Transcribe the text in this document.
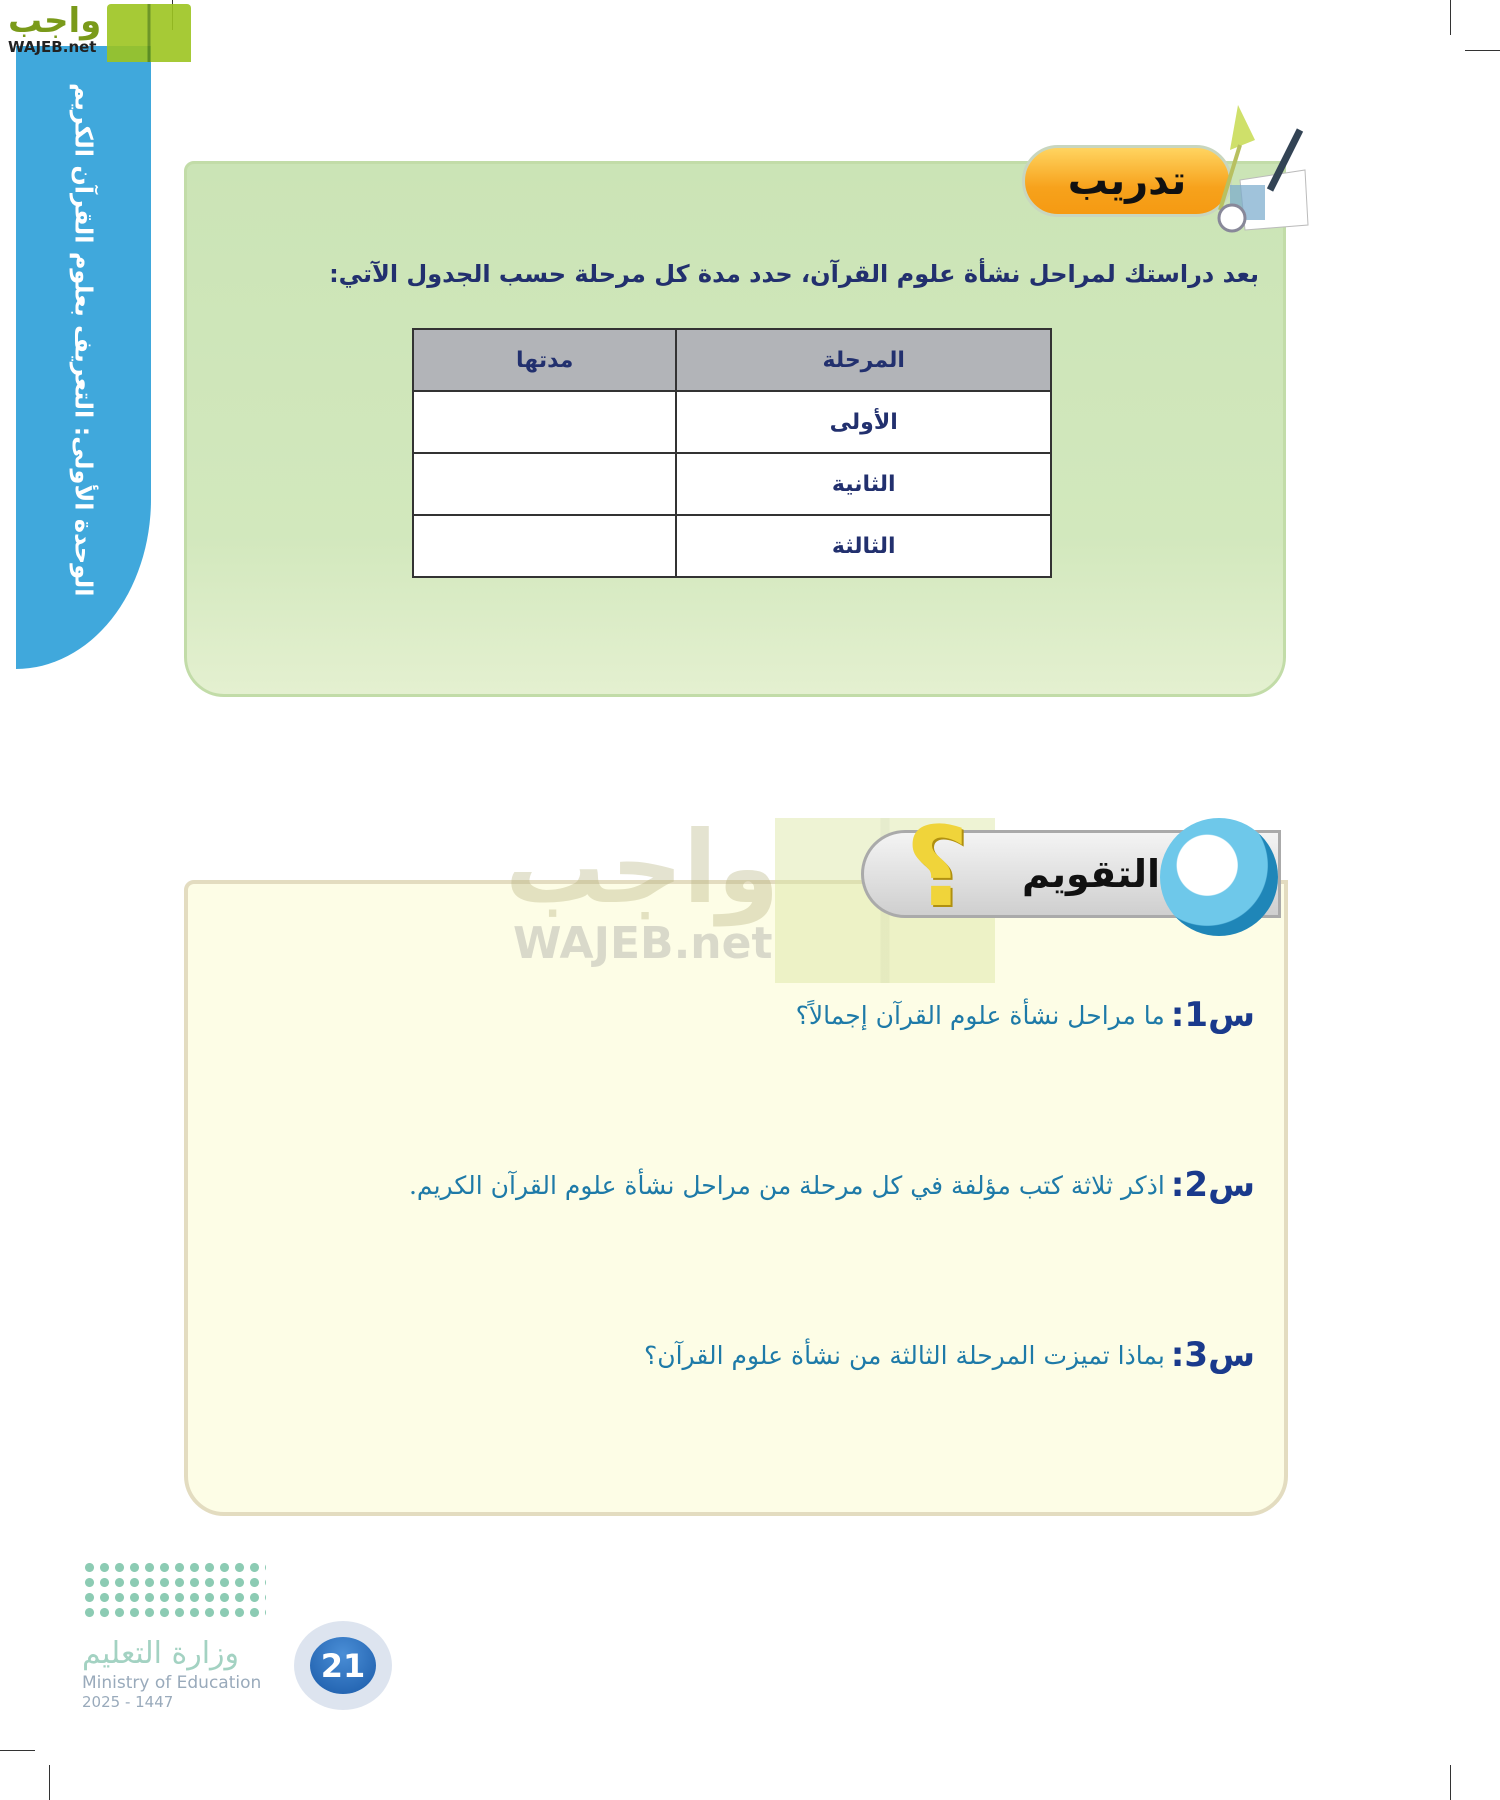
الوحدة الأولى: التعريف بعلوم القرآن الكريم
واجب
WAJEB.net
تدريب
بعد دراستك لمراحل نشأة علوم القرآن، حدد مدة كل مرحلة حسب الجدول الآتي:
المرحلة	مدتها
الأولى	
الثانية	
الثالثة	
واجب
WAJEB.net
التقويم
؟
س1:
ما مراحل نشأة علوم القرآن إجمالاً؟
س2:
اذكر ثلاثة كتب مؤلفة في كل مرحلة من مراحل نشأة علوم القرآن الكريم.
س3:
بماذا تميزت المرحلة الثالثة من نشأة علوم القرآن؟
وزارة التعليم
Ministry of Education
2025 - 1447
21
